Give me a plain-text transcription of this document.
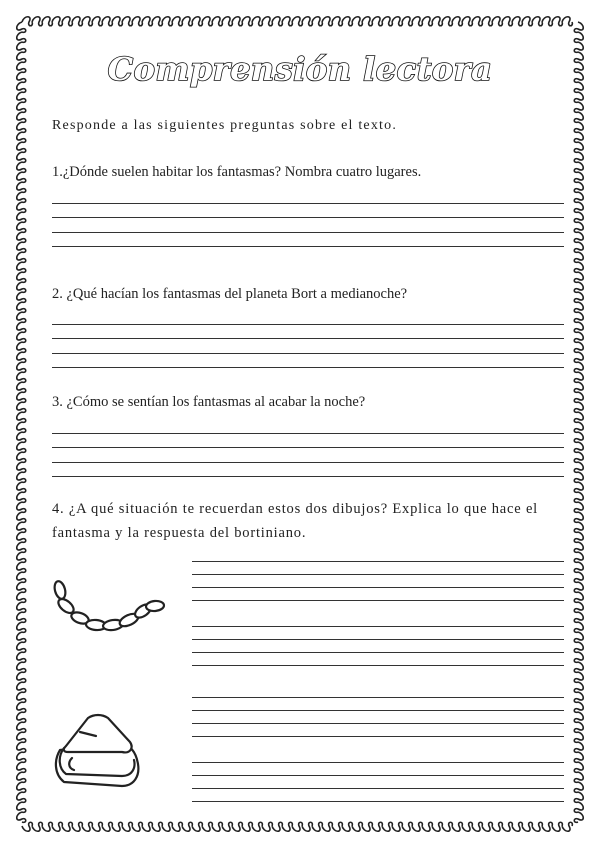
Comprensión lectora
Responde a las siguientes preguntas sobre el texto.
1.¿Dónde suelen habitar los fantasmas? Nombra cuatro lugares.
2. ¿Qué hacían los fantasmas del planeta Bort a medianoche?
3. ¿Cómo se sentían los fantasmas al acabar la noche?
4. ¿A qué situación te recuerdan estos dos dibujos? Explica lo que hace el fantasma y la respuesta del bortiniano.
